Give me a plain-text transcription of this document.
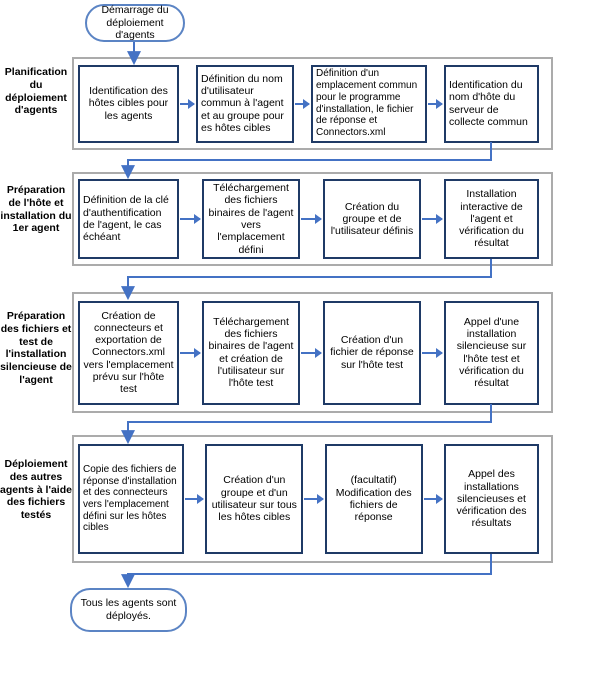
Démarrage du déploiement d'agents
Planification du déploiement d'agents
Identification des hôtes cibles pour les agents
Définition du nom d'utilisateur commun à l'agent et au groupe pour es hôtes cibles
Définition d'un emplacement commun pour le programme d'installation, le fichier de réponse et Connectors.xml
Identification du nom d'hôte du serveur de collecte commun
Préparation de l'hôte et installation du 1er agent
Définition de la clé d'authentification de l'agent, le cas échéant
Téléchargement des fichiers binaires de l'agent vers l'emplacement défini
Création du groupe et de l'utilisateur définis
Installation interactive de l'agent et vérification du résultat
Préparation des fichiers et test de l'installation silencieuse de l'agent
Création de connecteurs et exportation de Connectors.xml vers l'emplacement prévu sur l'hôte test
Téléchargement des fichiers binaires de l'agent et création de l'utilisateur sur l'hôte test
Création d'un fichier de réponse sur l'hôte test
Appel d'une installation silencieuse sur l'hôte test et vérification du résultat
Déploiement des autres agents à l'aide des fichiers testés
Copie des fichiers de réponse d'installation et des connecteurs vers l'emplacement défini sur les hôtes cibles
Création d'un groupe et d'un utilisateur sur tous les hôtes cibles
(facultatif) Modification des fichiers de réponse
Appel des installations silencieuses et vérification des résultats
Tous les agents sont déployés.
